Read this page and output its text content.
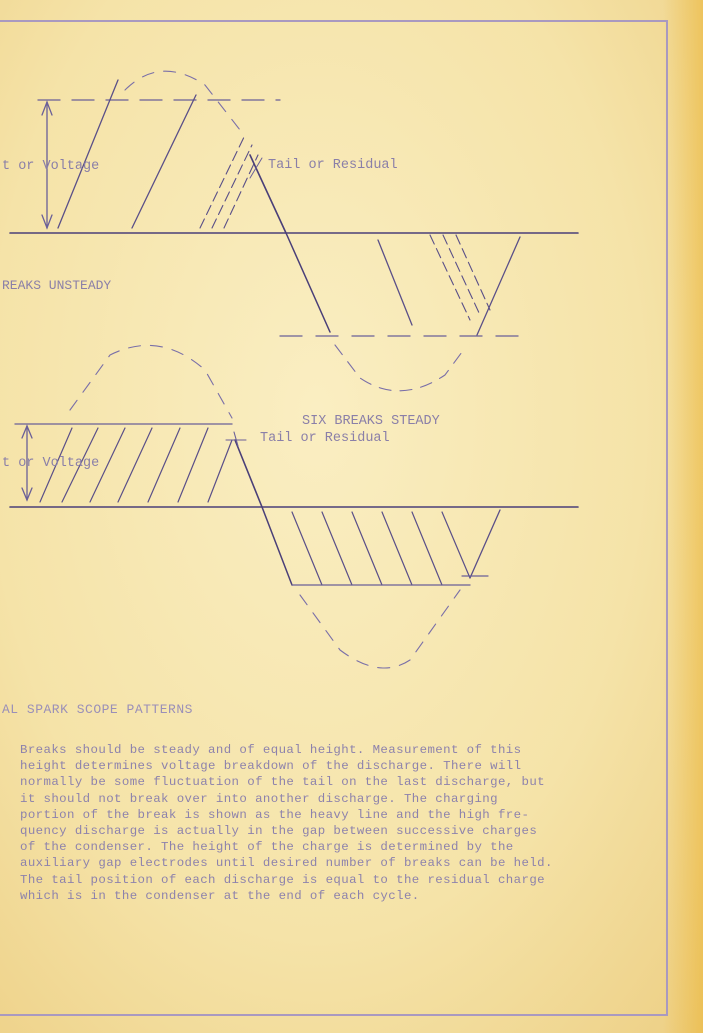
t or Voltage	Tail or Residual
REAKS UNSTEADY
SIX BREAKS STEADY
Tail or Residual
t or Voltage
AL SPARK SCOPE PATTERNS
Breaks should be steady and of equal height. Measurement of this
height determines voltage breakdown of the discharge. There will
normally be some fluctuation of the tail on the last discharge, but
it should not break over into another discharge. The charging
portion of the break is shown as the heavy line and the high fre-
quency discharge is actually in the gap between successive charges
of the condenser. The height of the charge is determined by the
auxiliary gap electrodes until desired number of breaks can be held.
The tail position of each discharge is equal to the residual charge
which is in the condenser at the end of each cycle.
